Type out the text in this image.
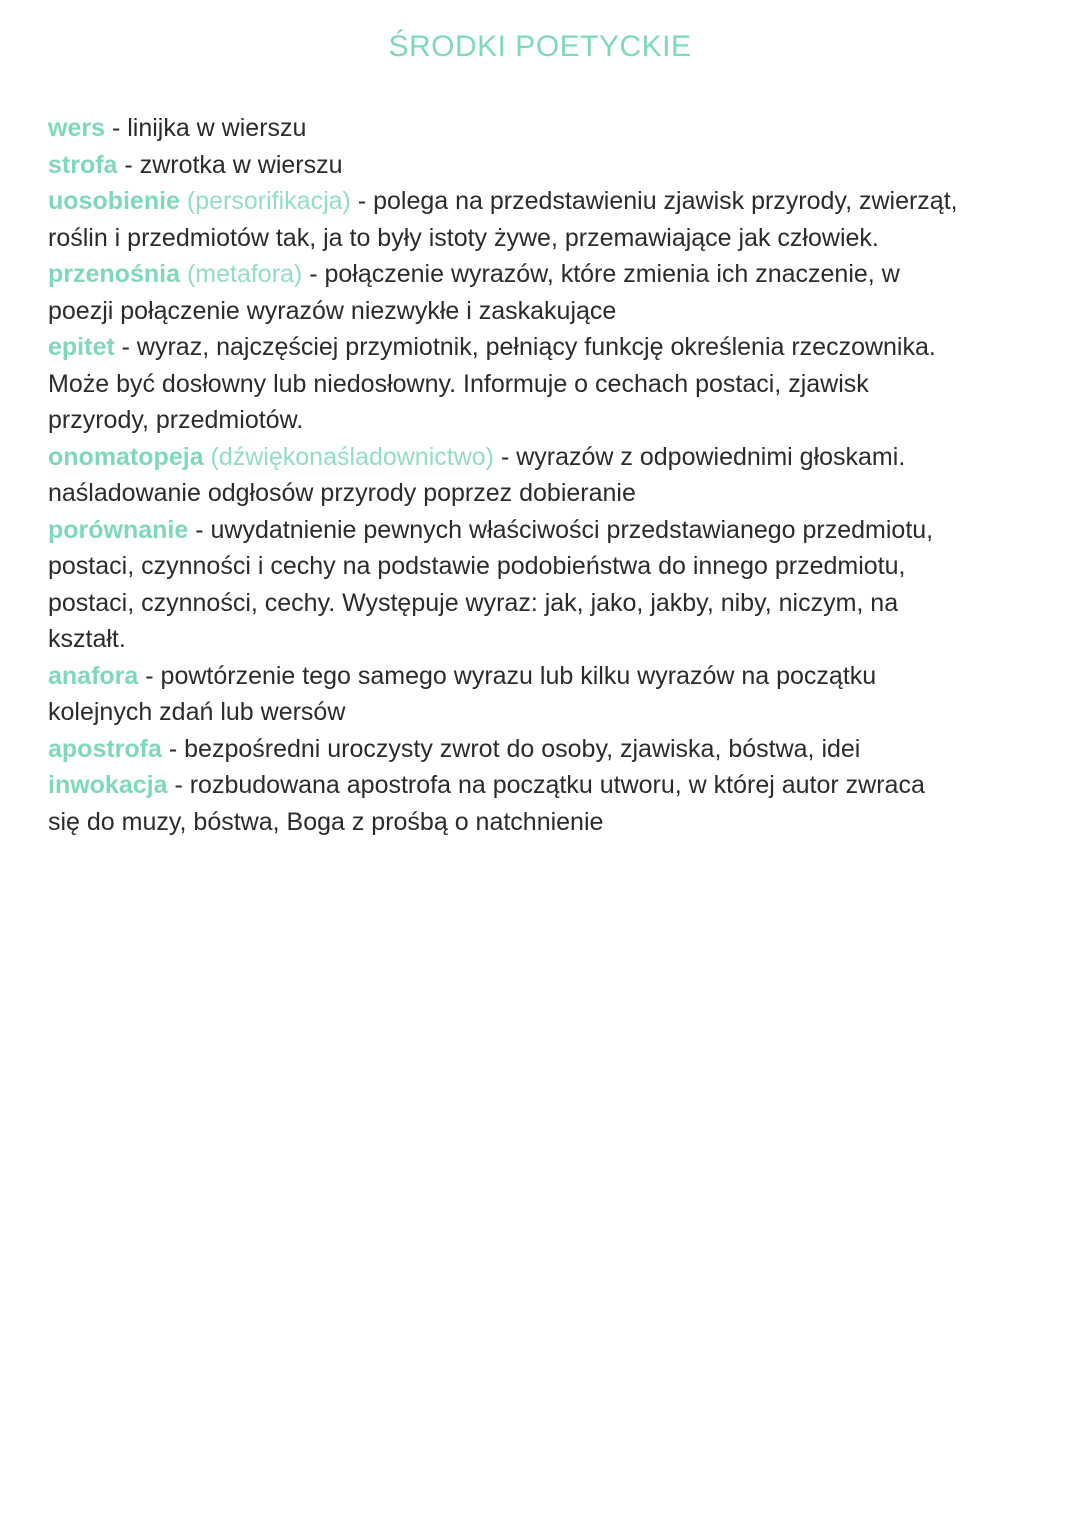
ŚRODKI POETYCKIE
wers - linijka w wierszu
strofa - zwrotka w wierszu
uosobienie (persorifikacja) - polega na przedstawieniu zjawisk przyrody, zwierząt,
roślin i przedmiotów tak, ja to były istoty żywe, przemawiające jak człowiek.
przenośnia (metafora) - połączenie wyrazów, które zmienia ich znaczenie, w
poezji połączenie wyrazów niezwykłe i zaskakujące
epitet - wyraz, najczęściej przymiotnik, pełniący funkcję określenia rzeczownika.
Może być dosłowny lub niedosłowny. Informuje o cechach postaci, zjawisk
przyrody, przedmiotów.
onomatopeja (dźwiękonaśladownictwo) - wyrazów z odpowiednimi głoskami.
naśladowanie odgłosów przyrody poprzez dobieranie
porównanie - uwydatnienie pewnych właściwości przedstawianego przedmiotu,
postaci, czynności i cechy na podstawie podobieństwa do innego przedmiotu,
postaci, czynności, cechy. Występuje wyraz: jak, jako, jakby, niby, niczym, na
kształt.
anafora - powtórzenie tego samego wyrazu lub kilku wyrazów na początku
kolejnych zdań lub wersów
apostrofa - bezpośredni uroczysty zwrot do osoby, zjawiska, bóstwa, idei
inwokacja - rozbudowana apostrofa na początku utworu, w której autor zwraca
się do muzy, bóstwa, Boga z prośbą o natchnienie
